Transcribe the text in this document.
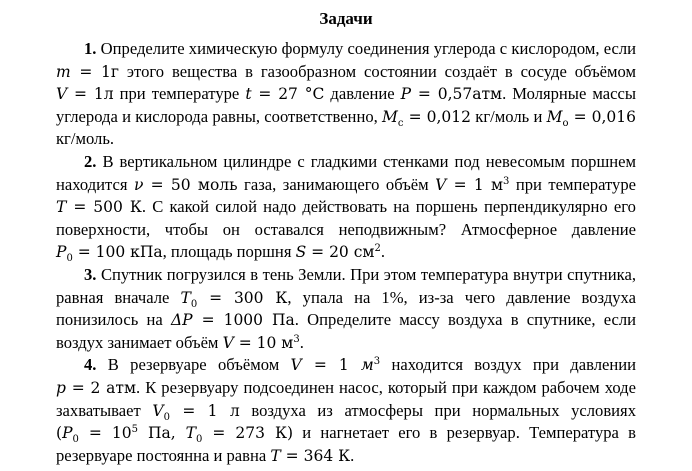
Задачи

1. Определите химическую формулу соединения углерода с кислородом, если m = 1г этого вещества в газообразном состоянии создаёт в сосуде объёмом V = 1л при температуре t = 27 °C давление P = 0,57атм. Молярные массы углерода и кислорода равны, соответственно, $M_c = 0,012$ кг/моль и $M_o = 0,016$ кг/моль.

2. В вертикальном цилиндре с гладкими стенками под невесомым поршнем находится ν = 50 моль газа, занимающего объём V = 1 $м^3$ при температуре T = 500 К. С какой силой надо действовать на поршень перпендикулярно его поверхности, чтобы он оставался неподвижным? Атмосферное давление $P_0 = 100$ кПа, площадь поршня S = 20 $см^2$.

3. Спутник погрузился в тень Земли. При этом температура внутри спутника, равная вначале $T_0 = 300$ К, упала на 1%, из-за чего давление воздуха понизилось на ΔP = 1000 Па. Определите массу воздуха в спутнике, если воздух занимает объём V = 10 $м^3$.

4. В резервуаре объёмом V = 1 $м^3$ находится воздух при давлении p = 2 атм. К резервуару подсоединен насос, который при каждом рабочем ходе захватывает $V_0 = 1$ л воздуха из атмосферы при нормальных условиях ($P_0 = 10^5$ Па, $T_0 = 273$ К) и нагнетает его в резервуар. Температура в резервуаре постоянна и равна T = 364 К.
